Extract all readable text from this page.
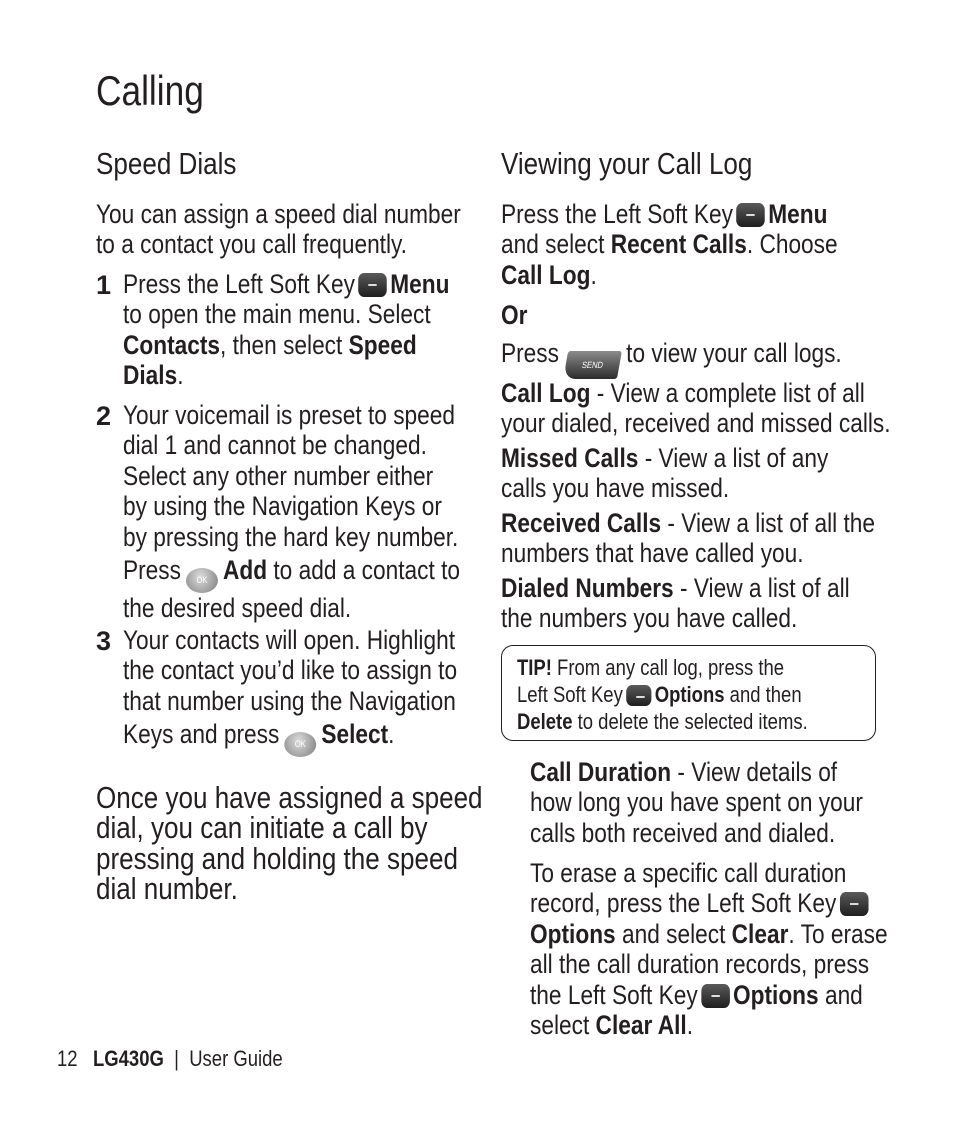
Calling
Speed Dials
You can assign a speed dial number
to a contact you call frequently.
1 Press the Left Soft Key Menu
to open the main menu. Select
Contacts, then select Speed
Dials.
2 Your voicemail is preset to speed
dial 1 and cannot be changed.
Select any other number either
by using the Navigation Keys or
by pressing the hard key number.
Press OK Add to add a contact to
the desired speed dial.
3 Your contacts will open. Highlight
the contact you’d like to assign to
that number using the Navigation
Keys and press OK Select.
Once you have assigned a speed
dial, you can initiate a call by
pressing and holding the speed
dial number.
Viewing your Call Log
Press the Left Soft Key Menu
and select Recent Calls. Choose
Call Log.
Or
Press SEND to view your call logs.
Call Log - View a complete list of all
your dialed, received and missed calls.
Missed Calls - View a list of any
calls you have missed.
Received Calls - View a list of all the
numbers that have called you.
Dialed Numbers - View a list of all
the numbers you have called.
TIP! From any call log, press the
Left Soft Key Options and then
Delete to delete the selected items.
Call Duration - View details of
how long you have spent on your
calls both received and dialed.
To erase a specific call duration
record, press the Left Soft Key
Options and select Clear. To erase
all the call duration records, press
the Left Soft Key Options and
select Clear All.
12 LG430G | User Guide
